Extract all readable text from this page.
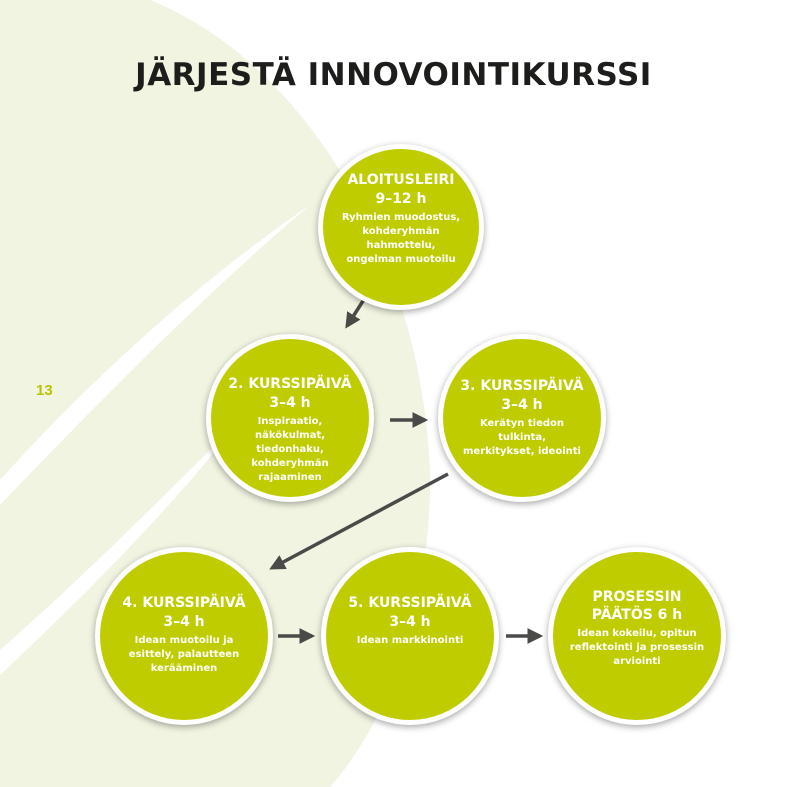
JÄRJESTÄ INNOVOINTIKURSSI
13
ALOITUSLEIRI
9–12 h
Ryhmien muodostus, kohderyhmän hahmottelu, ongelman muotoilu
2. KURSSIPÄIVÄ
3–4 h
Inspiraatio, näkökulmat, tiedonhaku, kohderyhmän rajaaminen
3. KURSSIPÄIVÄ
3–4 h
Kerätyn tiedon tulkinta, merkitykset, ideointi
4. KURSSIPÄIVÄ
3–4 h
Idean muotoilu ja esittely, palautteen kerääminen
5. KURSSIPÄIVÄ
3–4 h
Idean markkinointi
PROSESSIN PÄÄTÖS 6 h
Idean kokeilu, opitun reflektointi ja prosessin arviointi
